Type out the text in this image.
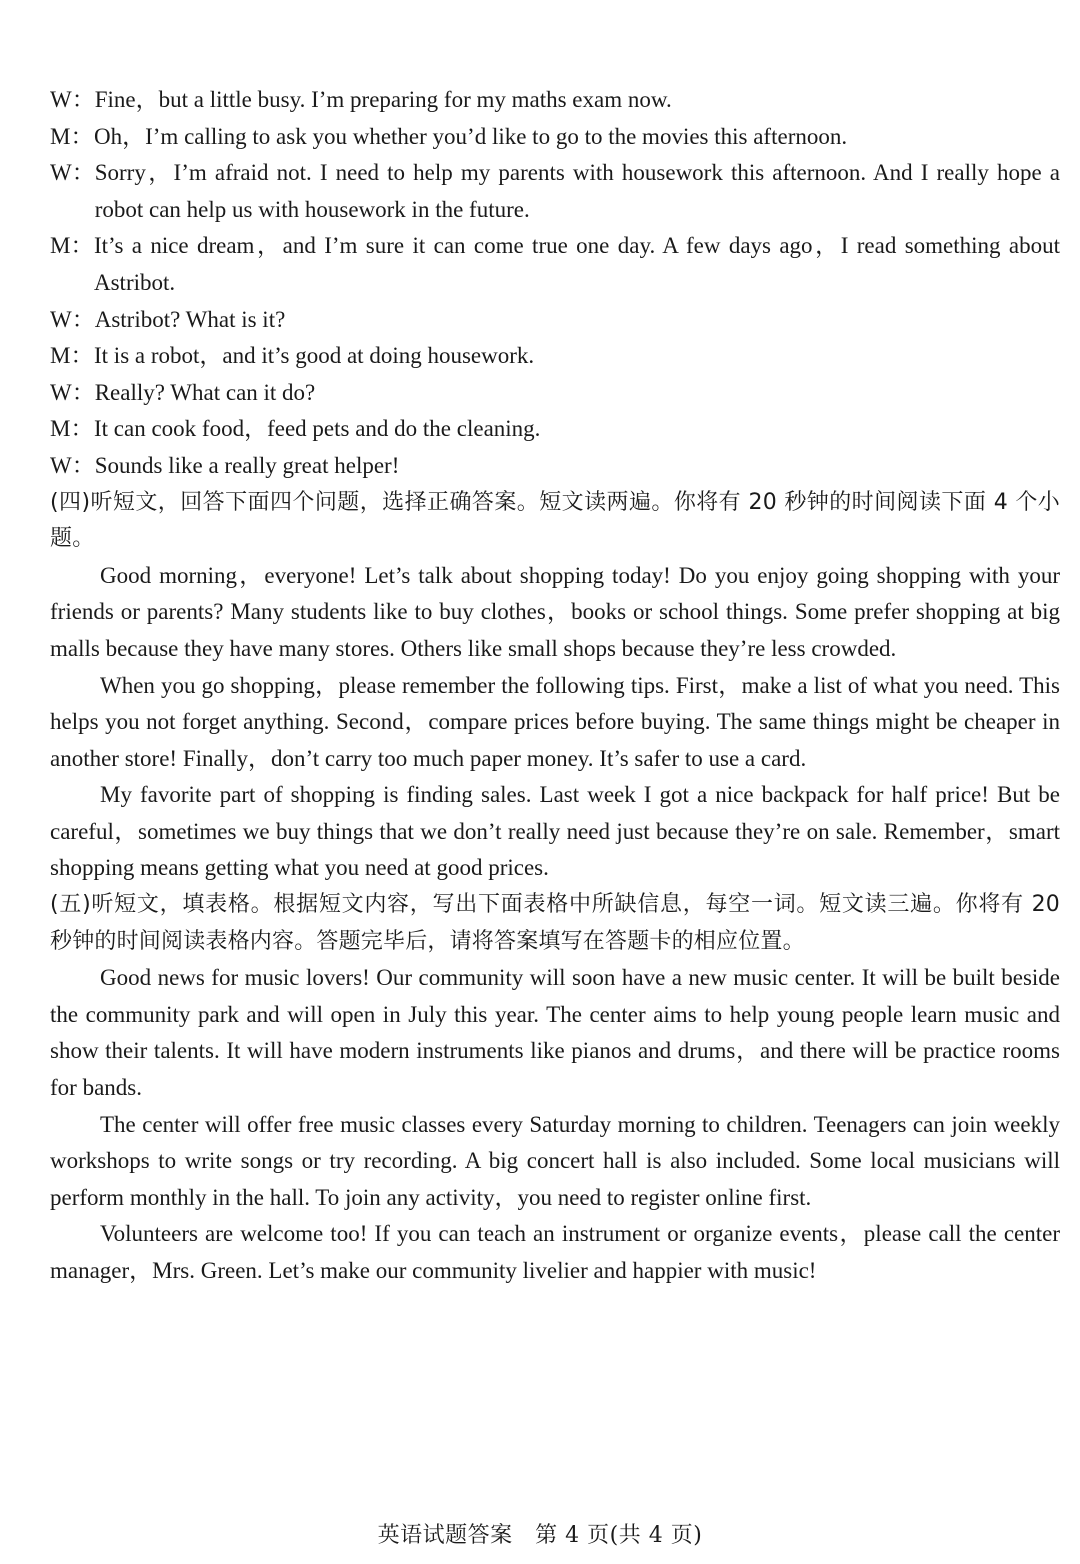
W： Fine，but a little busy. I’m preparing for my maths exam now.
M： Oh，I’m calling to ask you whether you’d like to go to the movies this afternoon.
W： Sorry，I’m afraid not. I need to help my parents with housework this afternoon. And I really hope a robot can help us with housework in the future.
M： It’s a nice dream，and I’m sure it can come true one day. A few days ago，I read something about Astribot.
W： Astribot? What is it?
M： It is a robot，and it’s good at doing housework.
W： Really? What can it do?
M： It can cook food，feed pets and do the cleaning.
W： Sounds like a really great helper!
(四)听短文，回答下面四个问题，选择正确答案。短文读两遍。你将有 20 秒钟的时间阅读下面 4 个小题。

Good morning，everyone! Let’s talk about shopping today! Do you enjoy going shopping with your friends or parents? Many students like to buy clothes，books or school things. Some prefer shopping at big malls because they have many stores. Others like small shops because they’re less crowded.

When you go shopping，please remember the following tips. First，make a list of what you need. This helps you not forget anything. Second，compare prices before buying. The same things might be cheaper in another store! Finally，don’t carry too much paper money. It’s safer to use a card.

My favorite part of shopping is finding sales. Last week I got a nice backpack for half price! But be careful，sometimes we buy things that we don’t really need just because they’re on sale. Remember，smart shopping means getting what you need at good prices.

(五)听短文，填表格。根据短文内容，写出下面表格中所缺信息，每空一词。短文读三遍。你将有 20 秒钟的时间阅读表格内容。答题完毕后，请将答案填写在答题卡的相应位置。

Good news for music lovers! Our community will soon have a new music center. It will be built beside the community park and will open in July this year. The center aims to help young people learn music and show their talents. It will have modern instruments like pianos and drums，and there will be practice rooms for bands.

The center will offer free music classes every Saturday morning to children. Teenagers can join weekly workshops to write songs or try recording. A big concert hall is also included. Some local musicians will perform monthly in the hall. To join any activity，you need to register online first.

Volunteers are welcome too! If you can teach an instrument or organize events，please call the center manager，Mrs. Green. Let’s make our community livelier and happier with music!

英语试题答案　第 4 页(共 4 页)
